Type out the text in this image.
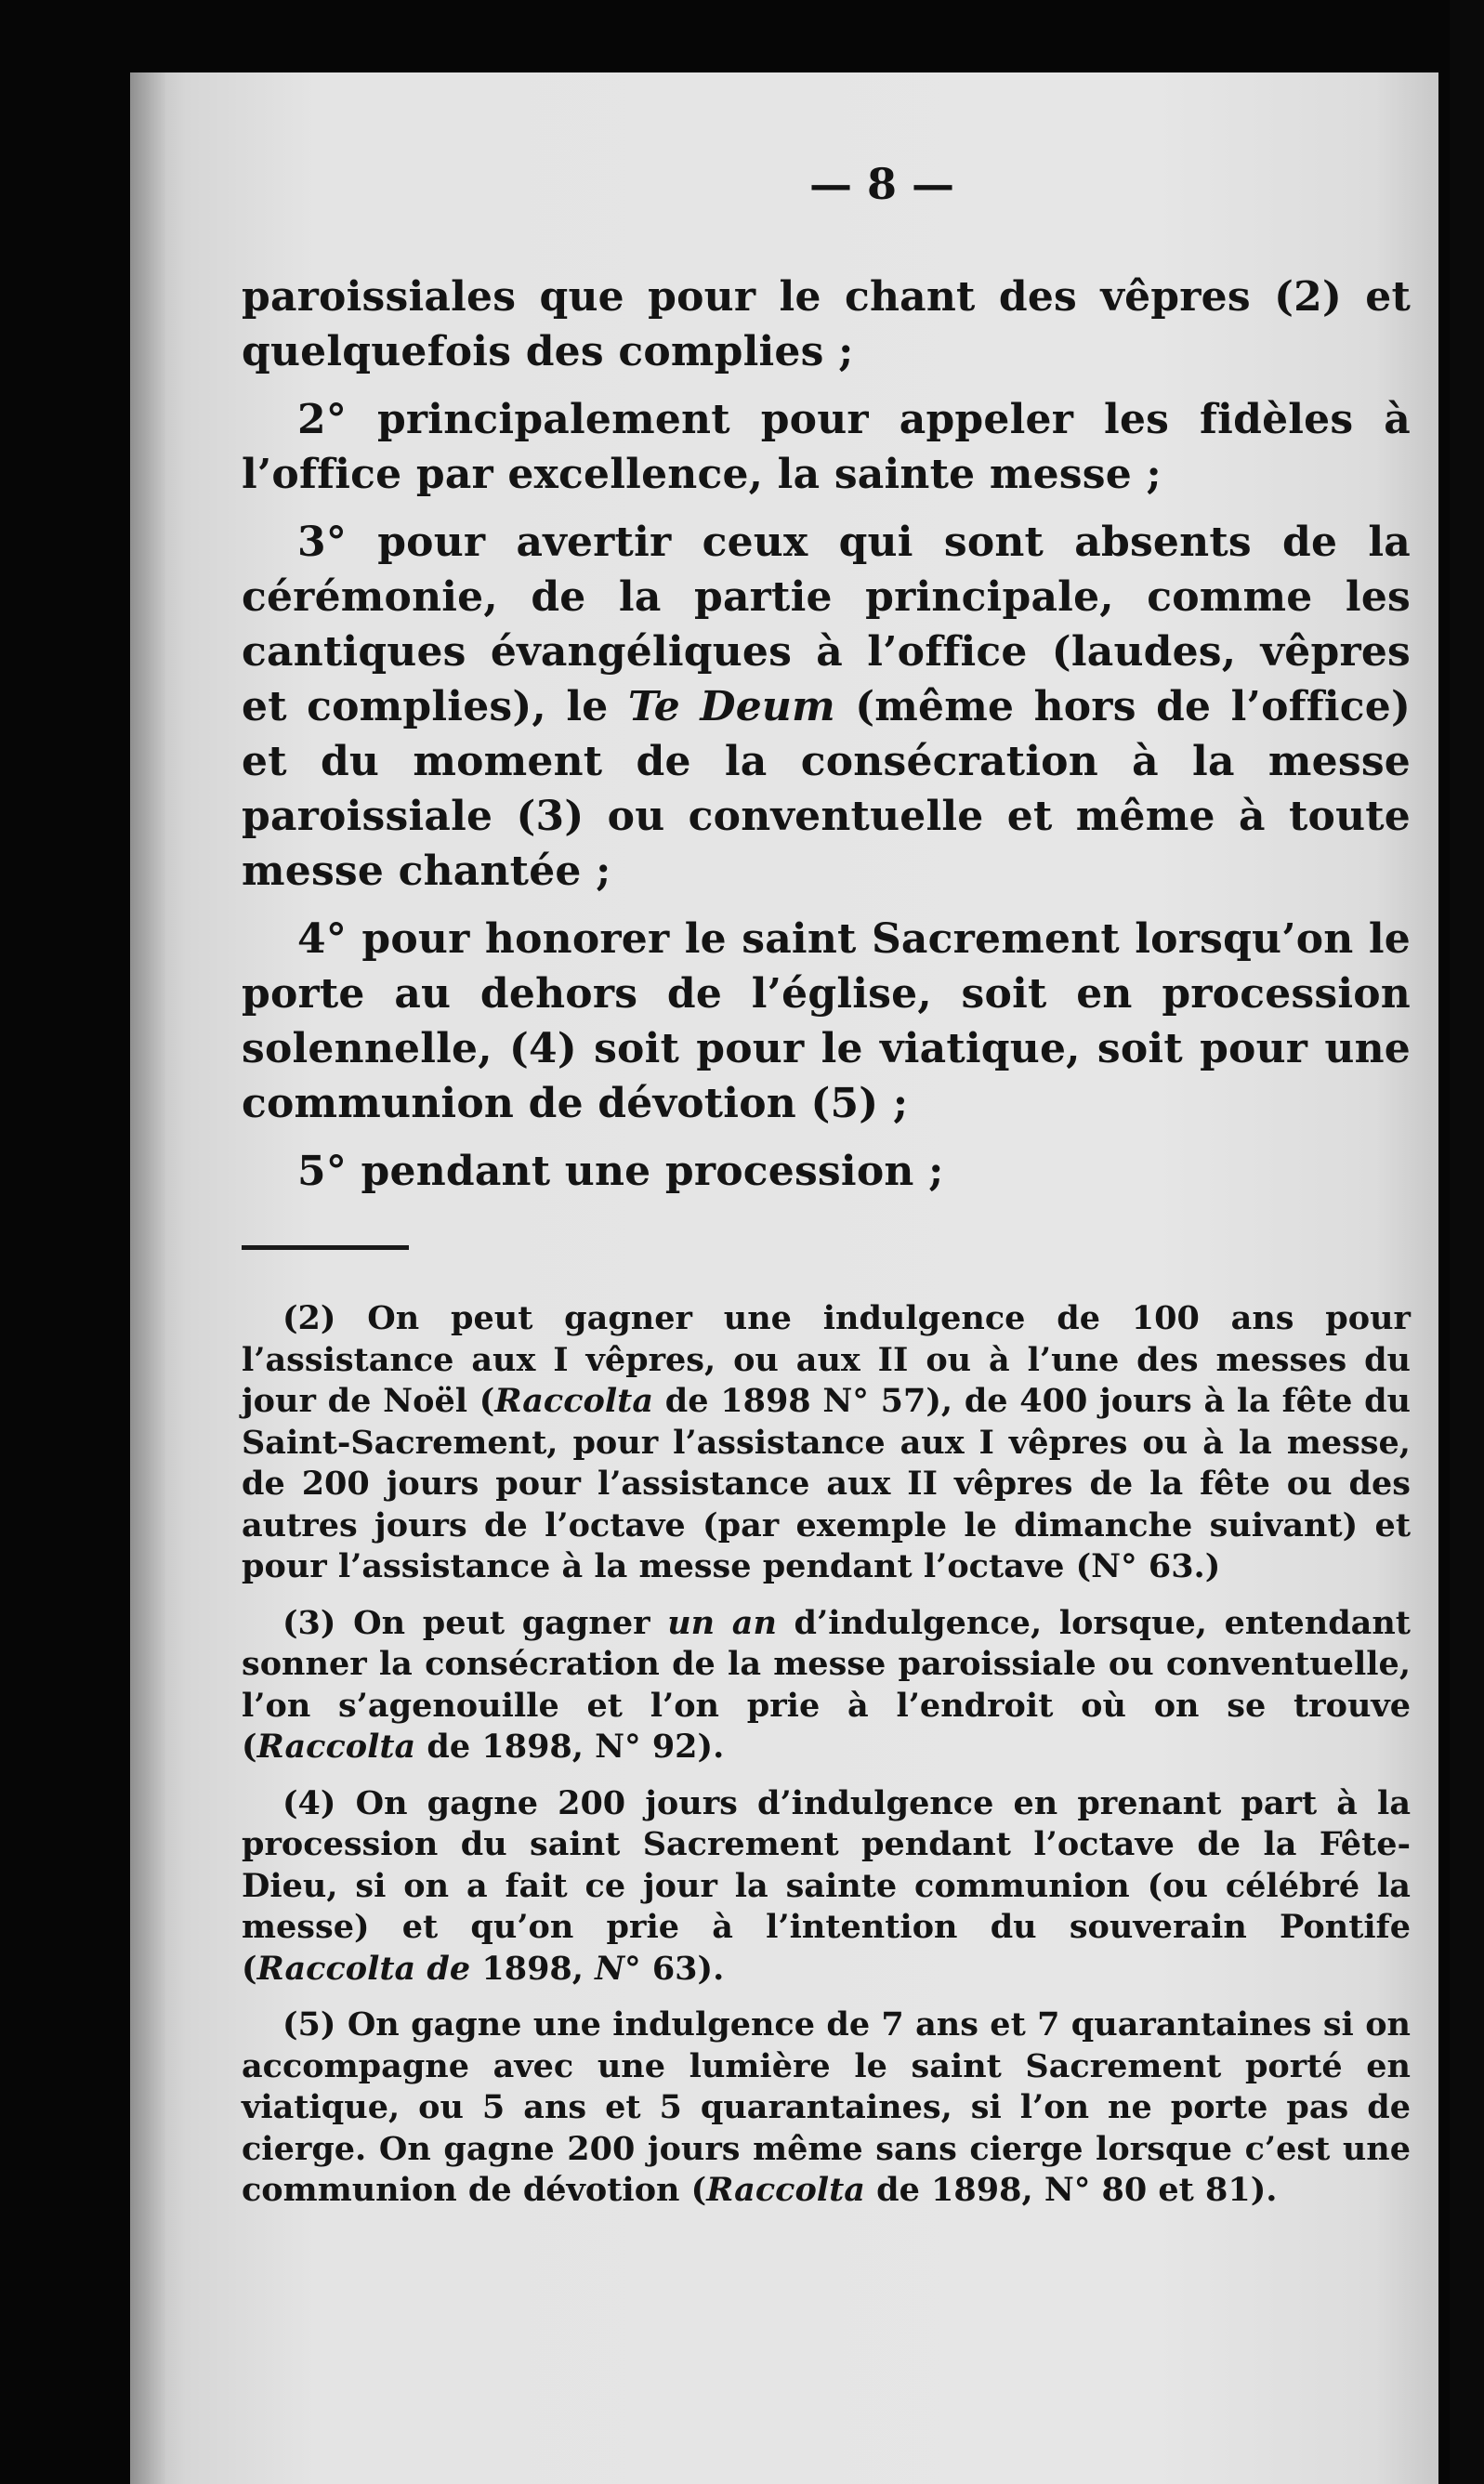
— 8 —

paroissiales que pour le chant des vêpres (2) et quelquefois des complies ;

2° principalement pour appeler les fidèles à l’office par excellence, la sainte messe ;

3° pour avertir ceux qui sont absents de la cérémonie, de la partie principale, comme les cantiques évangéliques à l’office (laudes, vêpres et complies), le Te Deum (même hors de l’office) et du moment de la consécration à la messe paroissiale (3) ou conventuelle et même à toute messe chantée ;

4° pour honorer le saint Sacrement lorsqu’on le porte au dehors de l’église, soit en procession solennelle, (4) soit pour le viatique, soit pour une communion de dévotion (5) ;

5° pendant une procession ;

(2) On peut gagner une indulgence de 100 ans pour l’assistance aux I vêpres, ou aux II ou à l’une des messes du jour de Noël (Raccolta de 1898 N° 57), de 400 jours à la fête du Saint-Sacrement, pour l’assistance aux I vêpres ou à la messe, de 200 jours pour l’assistance aux II vêpres de la fête ou des autres jours de l’octave (par exemple le dimanche suivant) et pour l’assistance à la messe pendant l’octave (N° 63.)

(3) On peut gagner un an d’indulgence, lorsque, entendant sonner la consécration de la messe paroissiale ou conventuelle, l’on s’agenouille et l’on prie à l’endroit où on se trouve (Raccolta de 1898, N° 92).

(4) On gagne 200 jours d’indulgence en prenant part à la procession du saint Sacrement pendant l’octave de la Fête-Dieu, si on a fait ce jour la sainte communion (ou célébré la messe) et qu’on prie à l’intention du souverain Pontife (Raccolta de 1898, N° 63).

(5) On gagne une indulgence de 7 ans et 7 quarantaines si on accompagne avec une lumière le saint Sacrement porté en viatique, ou 5 ans et 5 quarantaines, si l’on ne porte pas de cierge. On gagne 200 jours même sans cierge lorsque c’est une communion de dévotion (Raccolta de 1898, N° 80 et 81).
